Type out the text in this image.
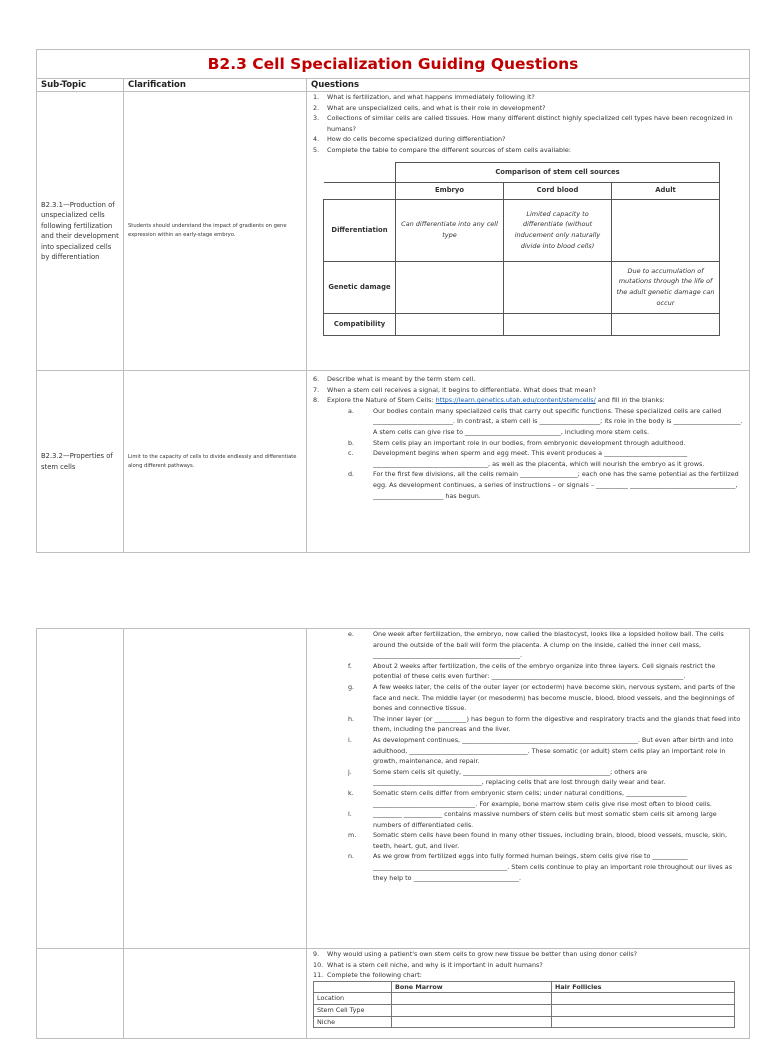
B2.3 Cell Specialization Guiding Questions
Sub-Topic	Clarification	Questions
B2.3.1—Production of unspecialized cells following fertilization and their development into specialized cells by differentiation	Students should understand the impact of gradients on gene expression within an early-stage embryo.	
1.	What is fertilization, and what happens immediately following it?
2.	What are unspecialized cells, and what is their role in development?
3.	Collections of similar cells are called tissues. How many different distinct highly specialized cell types have been recognized in humans?
4.	How do cells become specialized during differentiation?
5.	Complete the table to compare the different sources of stem cells available:
	Comparison of stem cell sources
	Embryo	Cord blood	Adult
Differentiation	Can differentiate into any cell type	Limited capacity to differentiate (without inducement only naturally divide into blood cells)	
Genetic damage			Due to accumulation of mutations through the life of the adult genetic damage can occur
Compatibility			

B2.3.2—Properties of stem cells	Limit to the capacity of cells to divide endlessly and differentiate along different pathways.	
6.	Describe what is meant by the term stem cell.
7.	When a stem cell receives a signal, it begins to differentiate. What does that mean?
8.	Explore the Nature of Stem Cells: https://learn.genetics.utah.edu/content/stemcells/ and fill in the blanks:
a.	Our bodies contain many specialized cells that carry out specific functions. These specialized cells are called _________________________. In contrast, a stem cell is ___________________; its role in the body is _____________________. A stem cells can give rise to ______________________________, including more stem cells.
b.	Stem cells play an important role in our bodies, from embryonic development through adulthood.
c.	Development begins when sperm and egg meet. This event produces a __________________________ ____________________________________, as well as the placenta, which will nourish the embryo as it grows.
d.	For the first few divisions, all the cells remain __________________; each one has the same potential as the fertilized egg. As development continues, a series of instructions – or signals – __________ _________________________________, ______________________ has begun.

e.	One week after fertilization, the embryo, now called the blastocyst, looks like a lopsided hollow ball. The cells around the outside of the ball will form the placenta. A clump on the inside, called the inner cell mass, ______________________________________________.
f.	About 2 weeks after fertilization, the cells of the embryo organize into three layers. Cell signals restrict the potential of these cells even further: ____________________________________________________________.
g.	A few weeks later, the cells of the outer layer (or ectoderm) have become skin, nervous system, and parts of the face and neck. The middle layer (or mesoderm) has become muscle, blood, blood vessels, and the beginnings of bones and connective tissue.
h.	The inner layer (or __________) has begun to form the digestive and respiratory tracts and the glands that feed into them, including the pancreas and the liver.
i.	As development continues, _______________________________________________________. But even after birth and into adulthood, _____________________________________. These somatic (or adult) stem cells play an important role in growth, maintenance, and repair.
j.	Some stem cells sit quietly, ______________________________________________; others are __________________________________, replacing cells that are lost through daily wear and tear.
k.	Somatic stem cells differ from embryonic stem cells; under natural conditions, ___________________ ________________________________. For example, bone marrow stem cells give rise most often to blood cells.
l.	_________ ____________ contains massive numbers of stem cells but most somatic stem cells sit among large numbers of differentiated cells.
m.	Somatic stem cells have been found in many other tissues, including brain, blood, blood vessels, muscle, skin, teeth, heart, gut, and liver.
n.	As we grow from fertilized eggs into fully formed human beings, stem cells give rise to ___________ __________________________________________. Stem cells continue to play an important role throughout our lives as they help to _________________________________.

9.	Why would using a patient's own stem cells to grow new tissue be better than using donor cells?
10. What is a stem cell niche, and why is it important in adult humans?
11. Complete the following chart:
	Bone Marrow	Hair Follicles
Location		
Stem Cell Type		
Niche		
